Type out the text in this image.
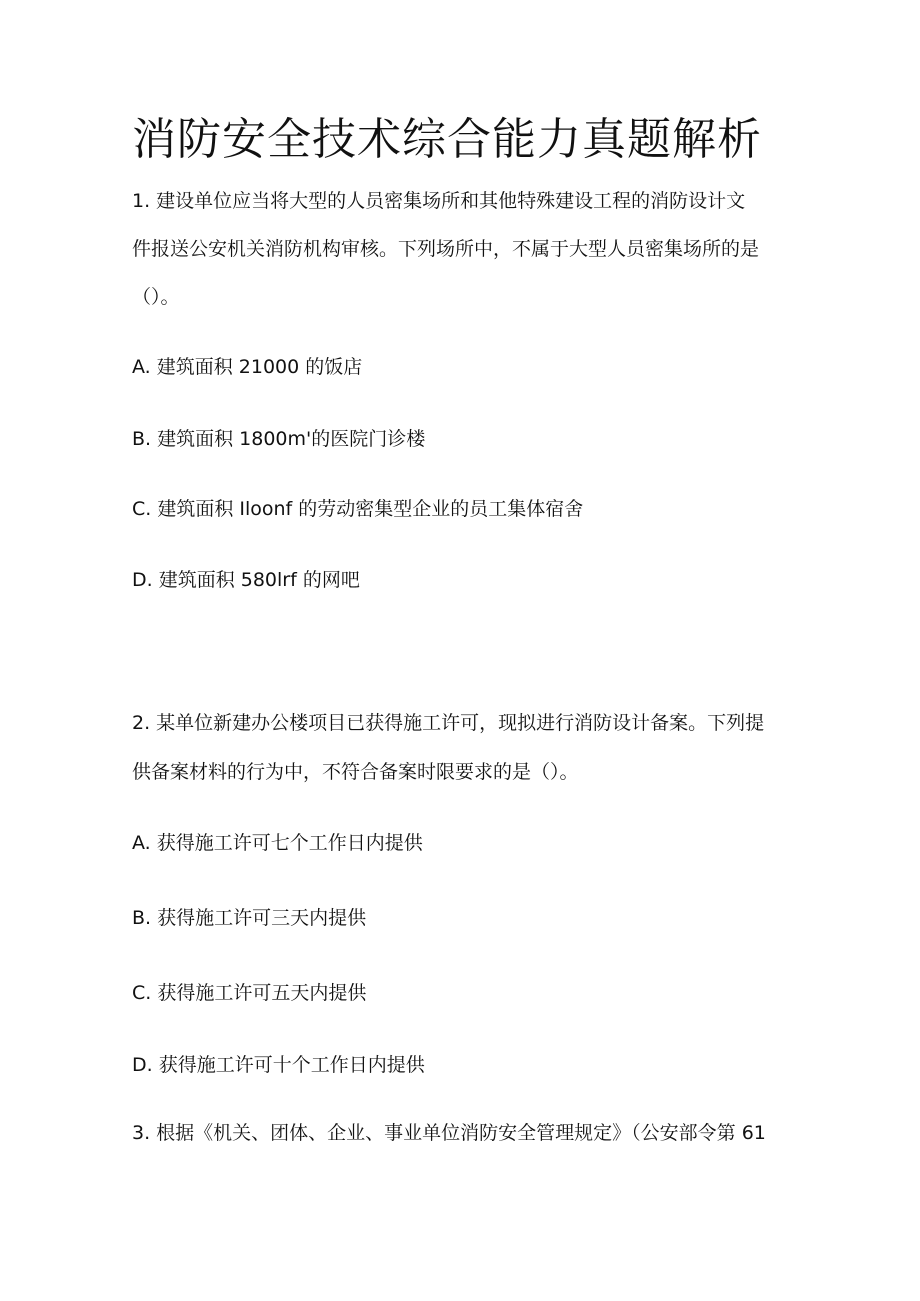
消防安全技术综合能力真题解析

1. 建设单位应当将大型的人员密集场所和其他特殊建设工程的消防设计文

件报送公安机关消防机构审核。下列场所中，不属于大型人员密集场所的是

（）。

A. 建筑面积 21000 的饭店

B. 建筑面积 1800m'的医院门诊楼

C. 建筑面积 Iloonf 的劳动密集型企业的员工集体宿舍

D. 建筑面积 580lrf 的网吧

2. 某单位新建办公楼项目已获得施工许可，现拟进行消防设计备案。下列提

供备案材料的行为中，不符合备案时限要求的是（）。

A. 获得施工许可七个工作日内提供

B. 获得施工许可三天内提供

C. 获得施工许可五天内提供

D. 获得施工许可十个工作日内提供

3. 根据《机关、团体、企业、事业单位消防安全管理规定》（公安部令第 61
